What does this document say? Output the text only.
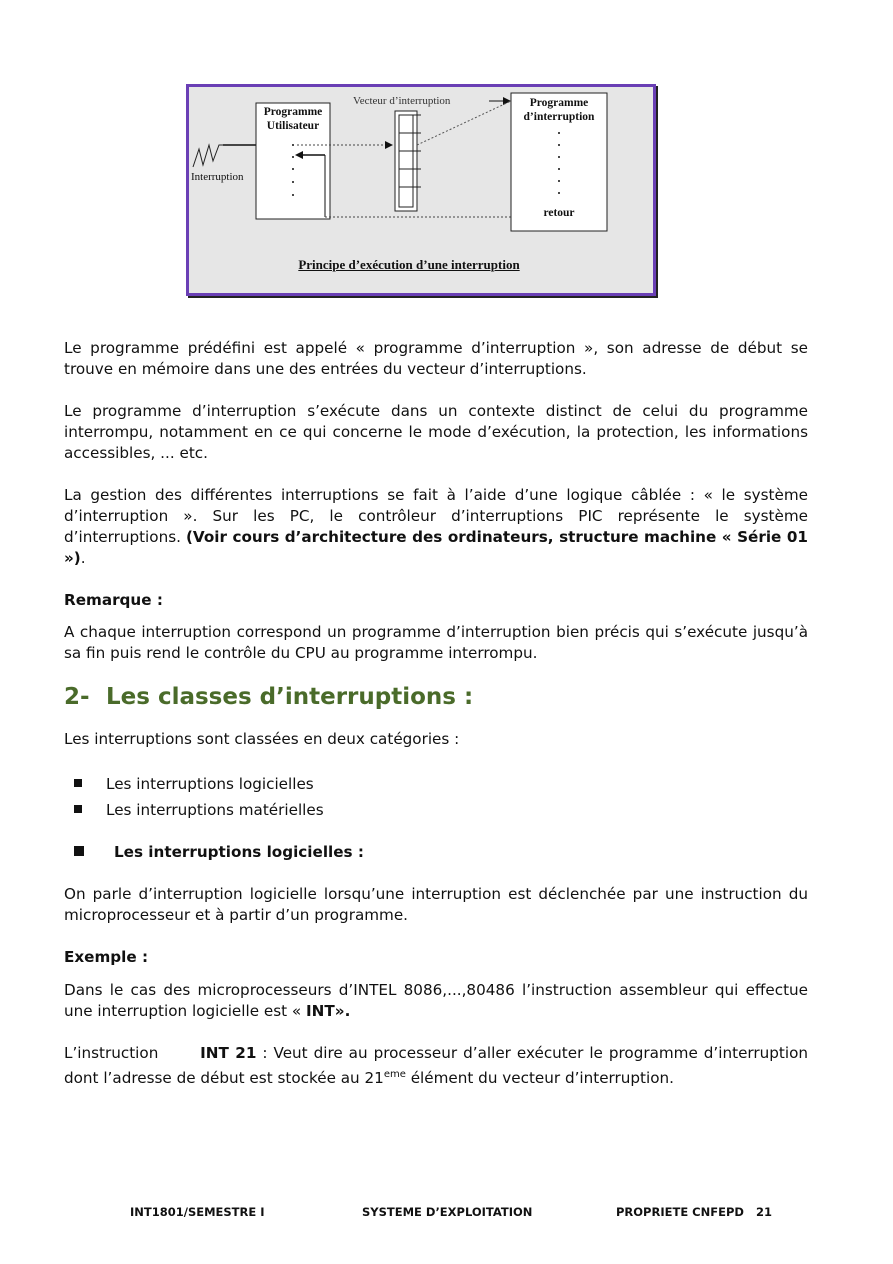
Programme
Utilisateur
Interruption
Vecteur d’interruption	Programme
d’interruption
retour
Principe d’exécution d’une interruption

Le programme prédéfini est appelé « programme d’interruption », son adresse de début se trouve en mémoire dans une des entrées du vecteur d’interruptions.

Le programme d’interruption s’exécute dans un contexte distinct de celui du programme interrompu, notamment en ce qui concerne le mode d’exécution, la protection, les informations accessibles, ... etc.

La gestion des différentes interruptions se fait à l’aide d’une logique câblée : « le système d’interruption ». Sur les PC, le contrôleur d’interruptions PIC représente le système d’interruptions. (Voir cours d’architecture des ordinateurs, structure machine « Série 01 »).

Remarque :

A chaque interruption correspond un programme d’interruption bien précis qui s’exécute jusqu’à sa fin puis rend le contrôle du CPU au programme interrompu.

2- Les classes d’interruptions :

Les interruptions sont classées en deux catégories :

Les interruptions logicielles
Les interruptions matérielles
Les interruptions logicielles :

On parle d’interruption logicielle lorsqu’une interruption est déclenchée par une instruction du microprocesseur et à partir d’un programme.

Exemple :

Dans le cas des microprocesseurs d’INTEL 8086,...,80486 l’instruction assembleur qui effectue une interruption logicielle est « INT».

L’instruction       INT 21 : Veut dire au processeur d’aller exécuter le programme d’interruption dont l’adresse de début est stockée au 21eme élément du vecteur d’interruption.

INT1801/SEMESTRE I	SYSTEME D’EXPLOITATION	PROPRIETE CNFEPD 21
